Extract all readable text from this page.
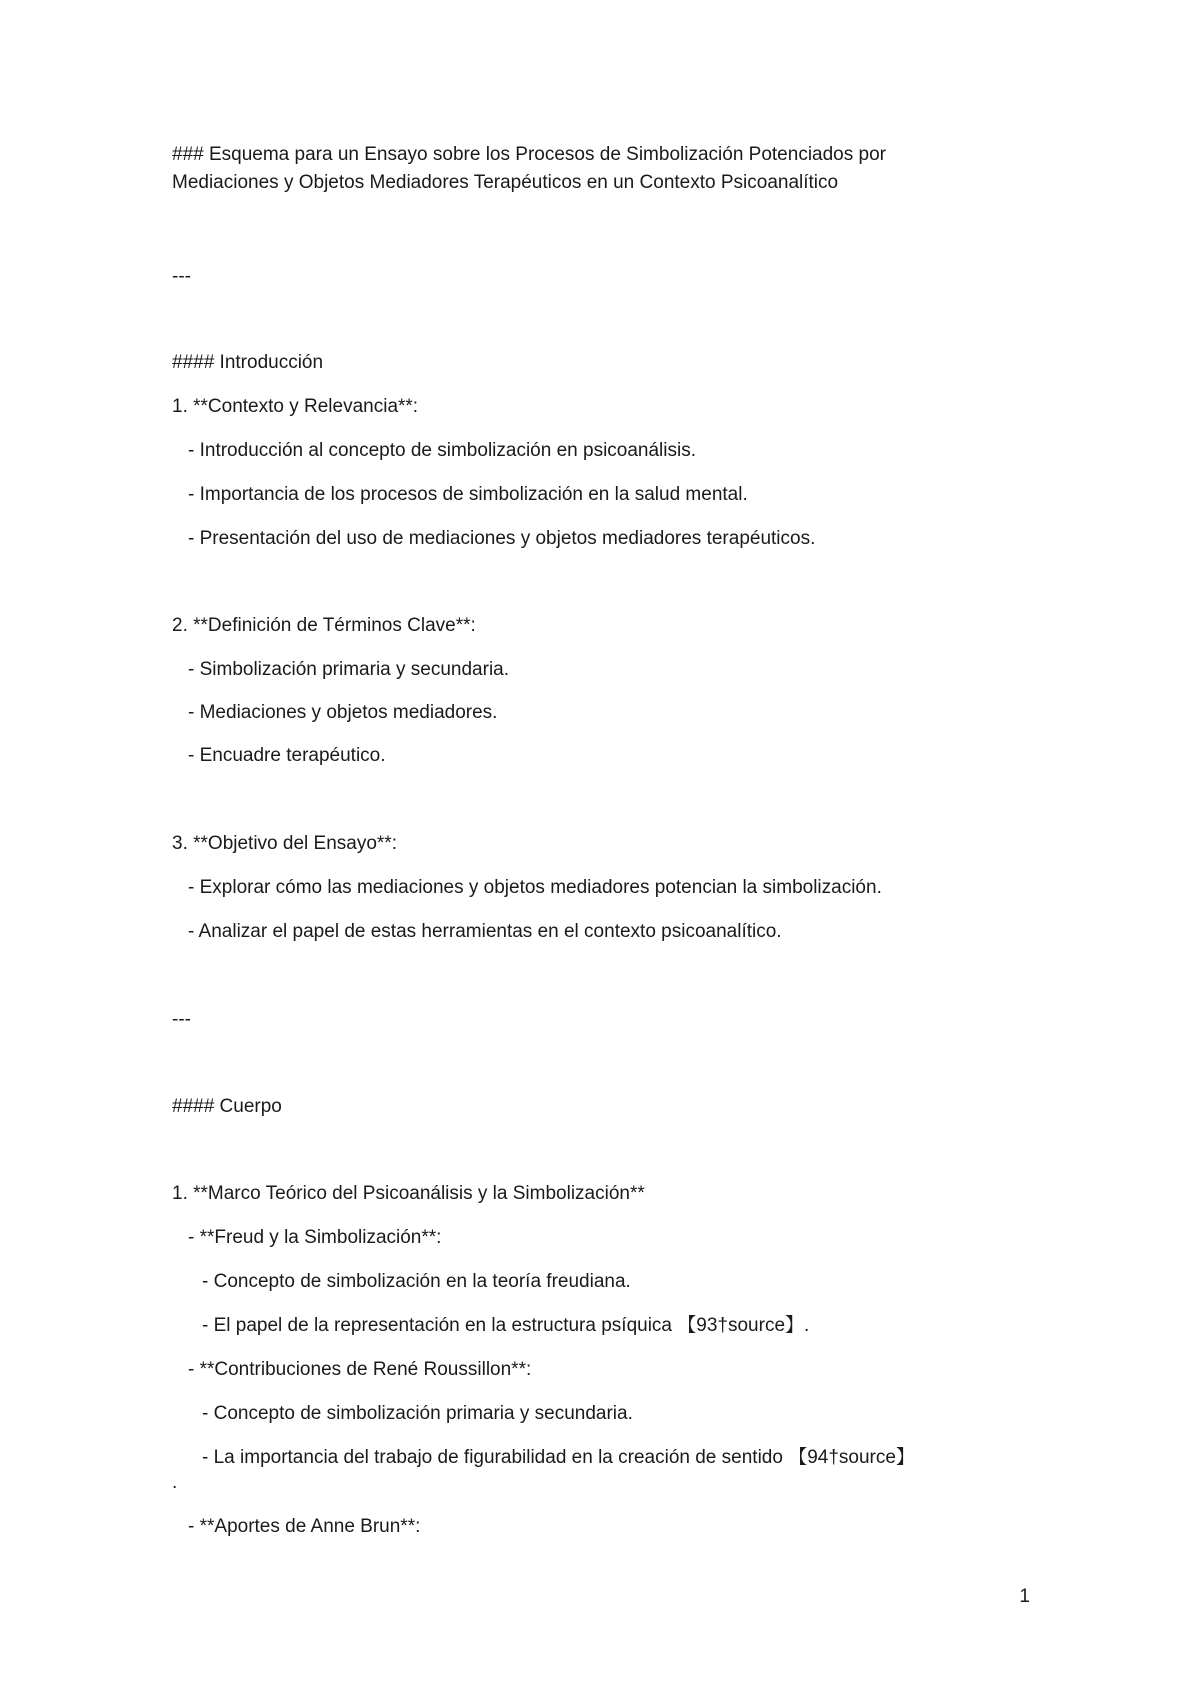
### Esquema para un Ensayo sobre los Procesos de Simbolización Potenciados por
Mediaciones y Objetos Mediadores Terapéuticos en un Contexto Psicoanalítico
---
#### Introducción
1. **Contexto y Relevancia**:
- Introducción al concepto de simbolización en psicoanálisis.
- Importancia de los procesos de simbolización en la salud mental.
- Presentación del uso de mediaciones y objetos mediadores terapéuticos.
2. **Definición de Términos Clave**:
- Simbolización primaria y secundaria.
- Mediaciones y objetos mediadores.
- Encuadre terapéutico.
3. **Objetivo del Ensayo**:
- Explorar cómo las mediaciones y objetos mediadores potencian la simbolización.
- Analizar el papel de estas herramientas en el contexto psicoanalítico.
---
#### Cuerpo
1. **Marco Teórico del Psicoanálisis y la Simbolización**
- **Freud y la Simbolización**:
- Concepto de simbolización en la teoría freudiana.
- El papel de la representación en la estructura psíquica 【93†source】.
- **Contribuciones de René Roussillon**:
- Concepto de simbolización primaria y secundaria.
- La importancia del trabajo de figurabilidad en la creación de sentido 【94†source】
.
- **Aportes de Anne Brun**:
1
